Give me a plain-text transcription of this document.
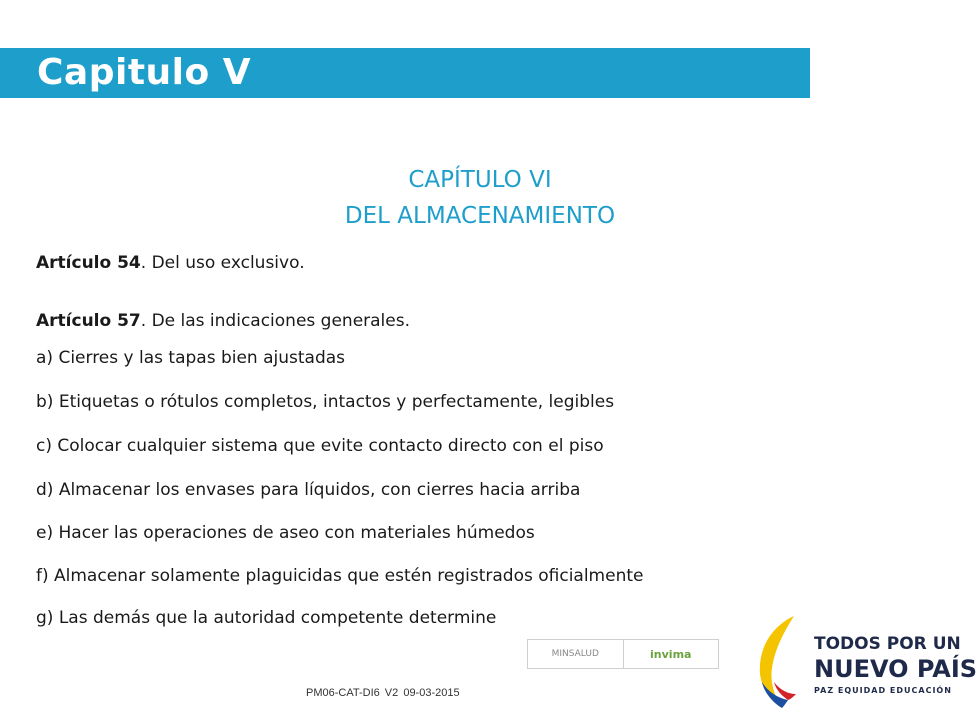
Capitulo V
CAPÍTULO VI
DEL ALMACENAMIENTO
Artículo 54. Del uso exclusivo.
Artículo 57. De las indicaciones generales.
a) Cierres y las tapas bien ajustadas
b) Etiquetas o rótulos completos, intactos y perfectamente, legibles
c) Colocar cualquier sistema que evite contacto directo con el piso
d) Almacenar los envases para líquidos, con cierres hacia arriba
e) Hacer las operaciones de aseo con materiales húmedos
f) Almacenar solamente plaguicidas que estén registrados oficialmente
g) Las demás que la autoridad competente determine
MINSALUD	invima
PM06-CAT-DI6 V2 09-03-2015
TODOS POR UN
NUEVO PAÍS
PAZ EQUIDAD EDUCACIÓN
